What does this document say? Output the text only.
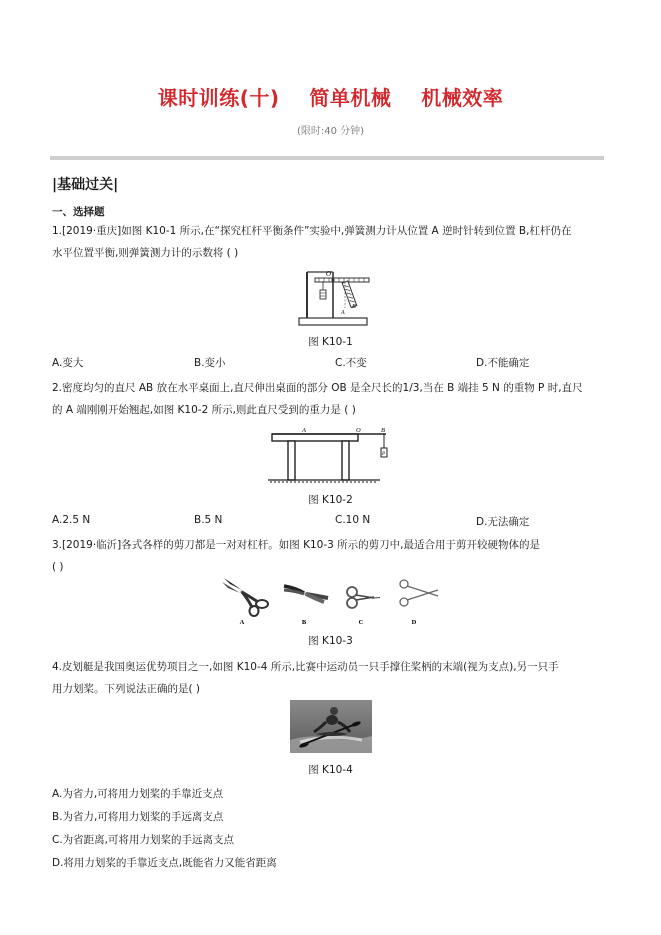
课时训练(十)    简单机械    机械效率
(限时:40 分钟)
|基础过关|
一、选择题
1.[2019·重庆]如图 K10-1 所示,在“探究杠杆平衡条件”实验中,弹簧测力计从位置 A 逆时针转到位置 B,杠杆仍在
水平位置平衡,则弹簧测力计的示数将 ( )
O
A
B
图 K10-1
A.变大	B.变小	C.不变	D.不能确定
2.密度均匀的直尺 AB 放在水平桌面上,直尺伸出桌面的部分 OB 是全尺长的1/3,当在 B 端挂 5 N 的重物 P 时,直尺
的 A 端刚刚开始翘起,如图 K10-2 所示,则此直尺受到的重力是 ( )
A	O	B
P
图 K10-2
A.2.5 N	B.5 N	C.10 N	D.无法确定
3.[2019·临沂]各式各样的剪刀都是一对对杠杆。如图 K10-3 所示的剪刀中,最适合用于剪开较硬物体的是
( )
A	B	C	D
图 K10-3
4.皮划艇是我国奥运优势项目之一,如图 K10-4 所示,比赛中运动员一只手撑住桨柄的末端(视为支点),另一只手
用力划桨。下列说法正确的是( )
图 K10-4
A.为省力,可将用力划桨的手靠近支点
B.为省力,可将用力划桨的手远离支点
C.为省距离,可将用力划桨的手远离支点
D.将用力划桨的手靠近支点,既能省力又能省距离
